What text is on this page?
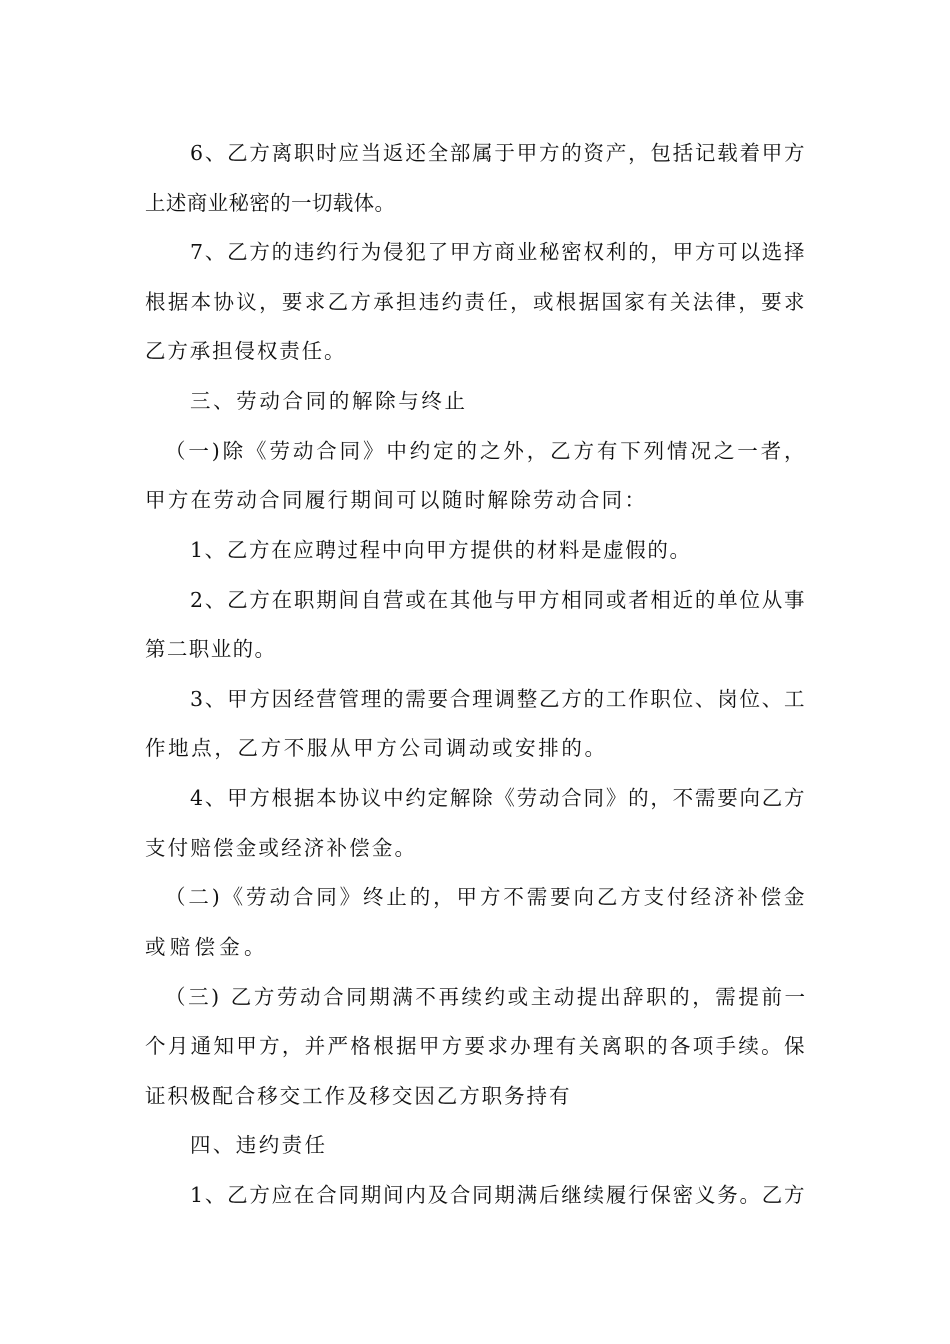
6、乙方离职时应当返还全部属于甲方的资产，包括记载着甲方
上述商业秘密的一切载体。
7、乙方的违约行为侵犯了甲方商业秘密权利的，甲方可以选择
根据本协议，要求乙方承担违约责任，或根据国家有关法律，要求
乙方承担侵权责任。
三、劳动合同的解除与终止
（一)除《劳动合同》中约定的之外，乙方有下列情况之一者，
甲方在劳动合同履行期间可以随时解除劳动合同：
1、乙方在应聘过程中向甲方提供的材料是虚假的。
2、乙方在职期间自营或在其他与甲方相同或者相近的单位从事
第二职业的。
3、甲方因经营管理的需要合理调整乙方的工作职位、岗位、工
作地点，乙方不服从甲方公司调动或安排的。
4、甲方根据本协议中约定解除《劳动合同》的，不需要向乙方
支付赔偿金或经济补偿金。
（二)《劳动合同》终止的，甲方不需要向乙方支付经济补偿金
或赔偿金。
（三) 乙方劳动合同期满不再续约或主动提出辞职的，需提前一
个月通知甲方，并严格根据甲方要求办理有关离职的各项手续。保
证积极配合移交工作及移交因乙方职务持有
四、违约责任
1、乙方应在合同期间内及合同期满后继续履行保密义务。乙方
